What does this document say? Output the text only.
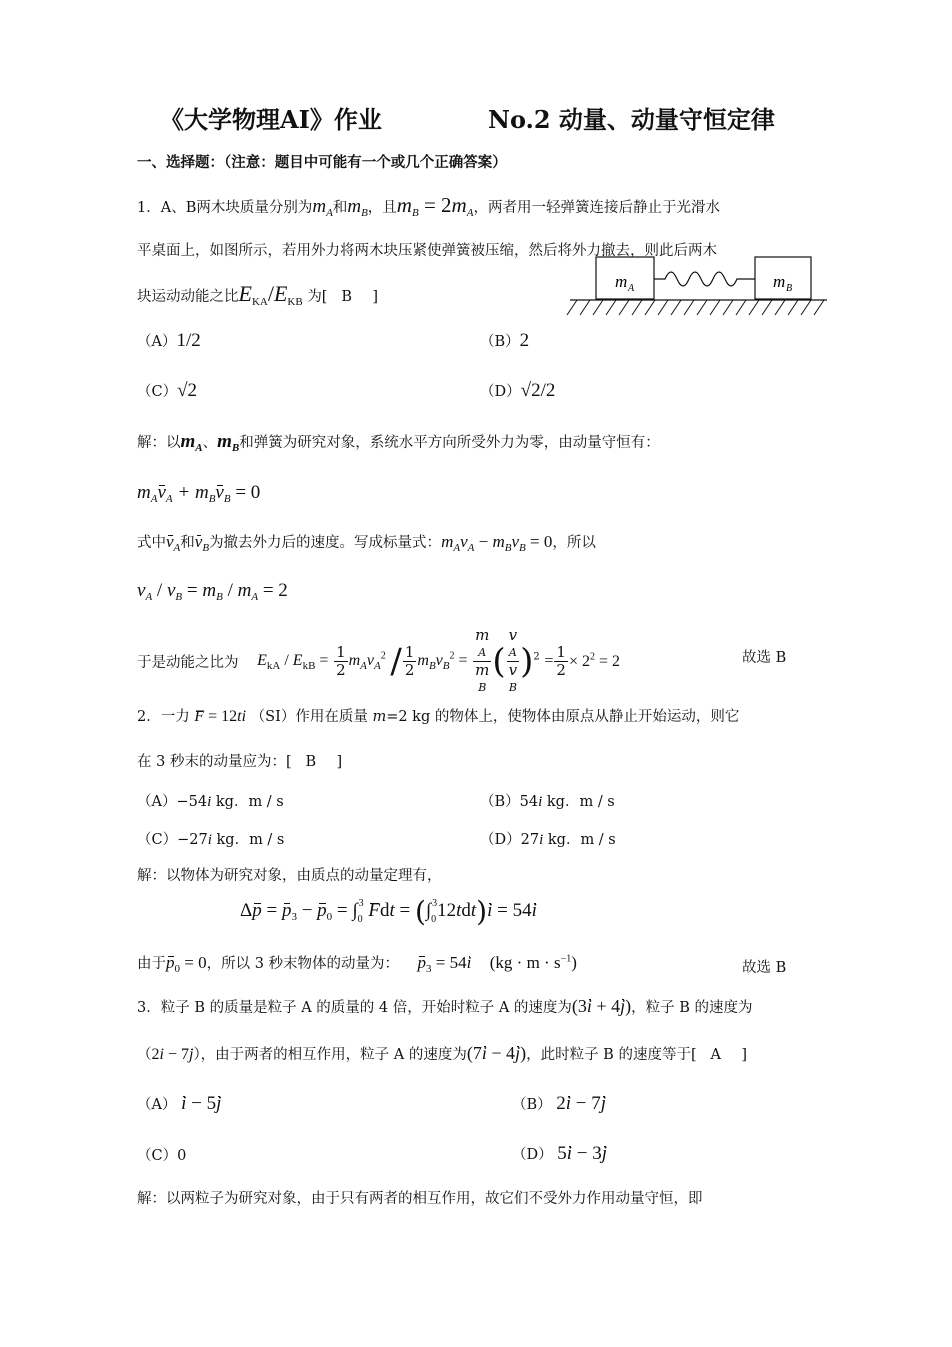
《大学物理AI》作业	No.2 动量、动量守恒定律
一、选择题：（注意：题目中可能有一个或几个正确答案）
1．A、B两木块质量分别为$m_A$和$m_B$，且$m_B = 2m_A$，两者用一轻弹簧连接后静止于光滑水
平桌面上，如图所示，若用外力将两木块压紧使弹簧被压缩，然后将外力撤去，则此后两木
块运动动能之比$E_{KA}/E_{KB}$ 为[ B ]
m A	m B
（A）1/2	（B）2
（C）√2	（D）√2/2
解：以$m_A$、$m_B$和弹簧为研究对象，系统水平方向所受外力为零，由动量守恒有：
$m_Av_A + m_Bv_B = 0$
式中$v_A$和$v_B$为撤去外力后的速度。写成标量式：$m_Av_A - m_Bv_B = 0$，所以
$v_A / v_B = m_B / m_A = 2$
于是动能之比为 $E_{kA} / E_{kB} = \frac{1}{2} m_Av_A^2 / \frac{1}{2} m_Bv_B^2 = m$
A
m
B ( v
A
v
B )$^2 = \frac{1}{2} \times 2^2 = 2$	故选 B
2．一力 F = 12ti （SI）作用在质量 m=2 kg 的物体上，使物体由原点从静止开始运动，则它
在 3 秒末的动量应为：[ B ]
（A）−54i kg．m / s	（B）54i kg．m / s
（C）−27i kg．m / s	（D）27i kg．m / s
解：以物体为研究对象，由质点的动量定理有，
$\Delta p = p_3 - p_0 = \int_0^3$ Fdt = $(\int_0^312tdt)i = 54i$
由于$p_0 = 0$，所以 3 秒末物体的动量为： $p_3 = 54i$ $(kg \cdot m \cdot s^{-1})$	故选 B
3．粒子 B 的质量是粒子 A 的质量的 4 倍，开始时粒子 A 的速度为(3i + 4j)，粒子 B 的速度为
（2i − 7j），由于两者的相互作用，粒子 A 的速度为(7i − 4j)，此时粒子 B 的速度等于[ A ]
（A） i − 5j	（B） 2i − 7j
（C）0	（D） 5i − 3j
解：以两粒子为研究对象，由于只有两者的相互作用，故它们不受外力作用动量守恒，即
